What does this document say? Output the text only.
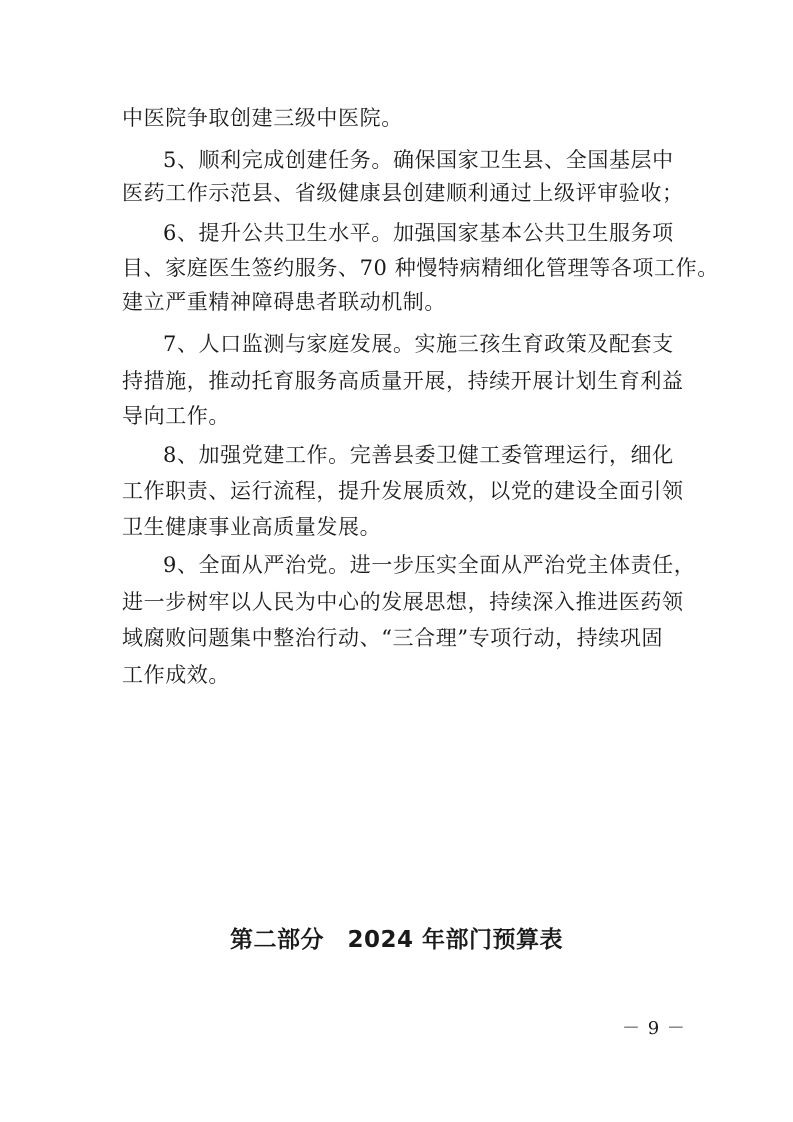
中医院争取创建三级中医院。
5、顺利完成创建任务。确保国家卫生县、全国基层中
医药工作示范县、省级健康县创建顺利通过上级评审验收；
6、提升公共卫生水平。加强国家基本公共卫生服务项
目、家庭医生签约服务、70 种慢特病精细化管理等各项工作。
建立严重精神障碍患者联动机制。
7、人口监测与家庭发展。实施三孩生育政策及配套支
持措施，推动托育服务高质量开展，持续开展计划生育利益
导向工作。
8、加强党建工作。完善县委卫健工委管理运行，细化
工作职责、运行流程，提升发展质效，以党的建设全面引领
卫生健康事业高质量发展。
9、全面从严治党。进一步压实全面从严治党主体责任，
进一步树牢以人民为中心的发展思想，持续深入推进医药领
域腐败问题集中整治行动、“三合理”专项行动，持续巩固
工作成效。
第二部分　2024 年部门预算表
－ 9 －
